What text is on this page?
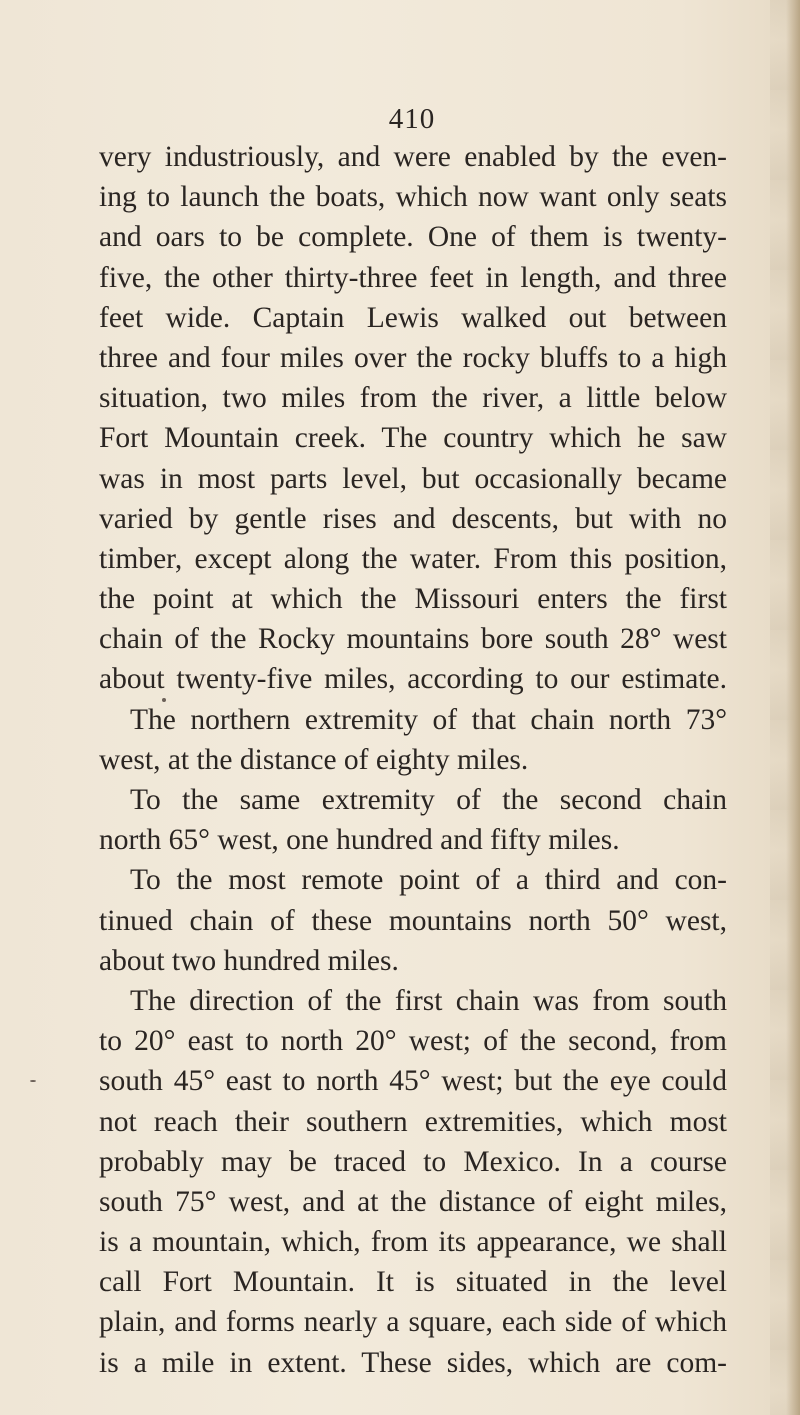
410
very industriously, and were enabled by the even-
ing to launch the boats, which now want only seats
and oars to be complete. One of them is twenty-
five, the other thirty-three feet in length, and three
feet wide. Captain Lewis walked out between
three and four miles over the rocky bluffs to a high
situation, two miles from the river, a little below
Fort Mountain creek. The country which he saw
was in most parts level, but occasionally became
varied by gentle rises and descents, but with no
timber, except along the water. From this position,
the point at which the Missouri enters the first
chain of the Rocky mountains bore south 28° west
about twenty-five miles, according to our estimate.
The northern extremity of that chain north 73°
west, at the distance of eighty miles.
To the same extremity of the second chain
north 65° west, one hundred and fifty miles.
To the most remote point of a third and con-
tinued chain of these mountains north 50° west,
about two hundred miles.
The direction of the first chain was from south
to 20° east to north 20° west; of the second, from
south 45° east to north 45° west; but the eye could
not reach their southern extremities, which most
probably may be traced to Mexico. In a course
south 75° west, and at the distance of eight miles,
is a mountain, which, from its appearance, we shall
call Fort Mountain. It is situated in the level
plain, and forms nearly a square, each side of which
is a mile in extent. These sides, which are com-
